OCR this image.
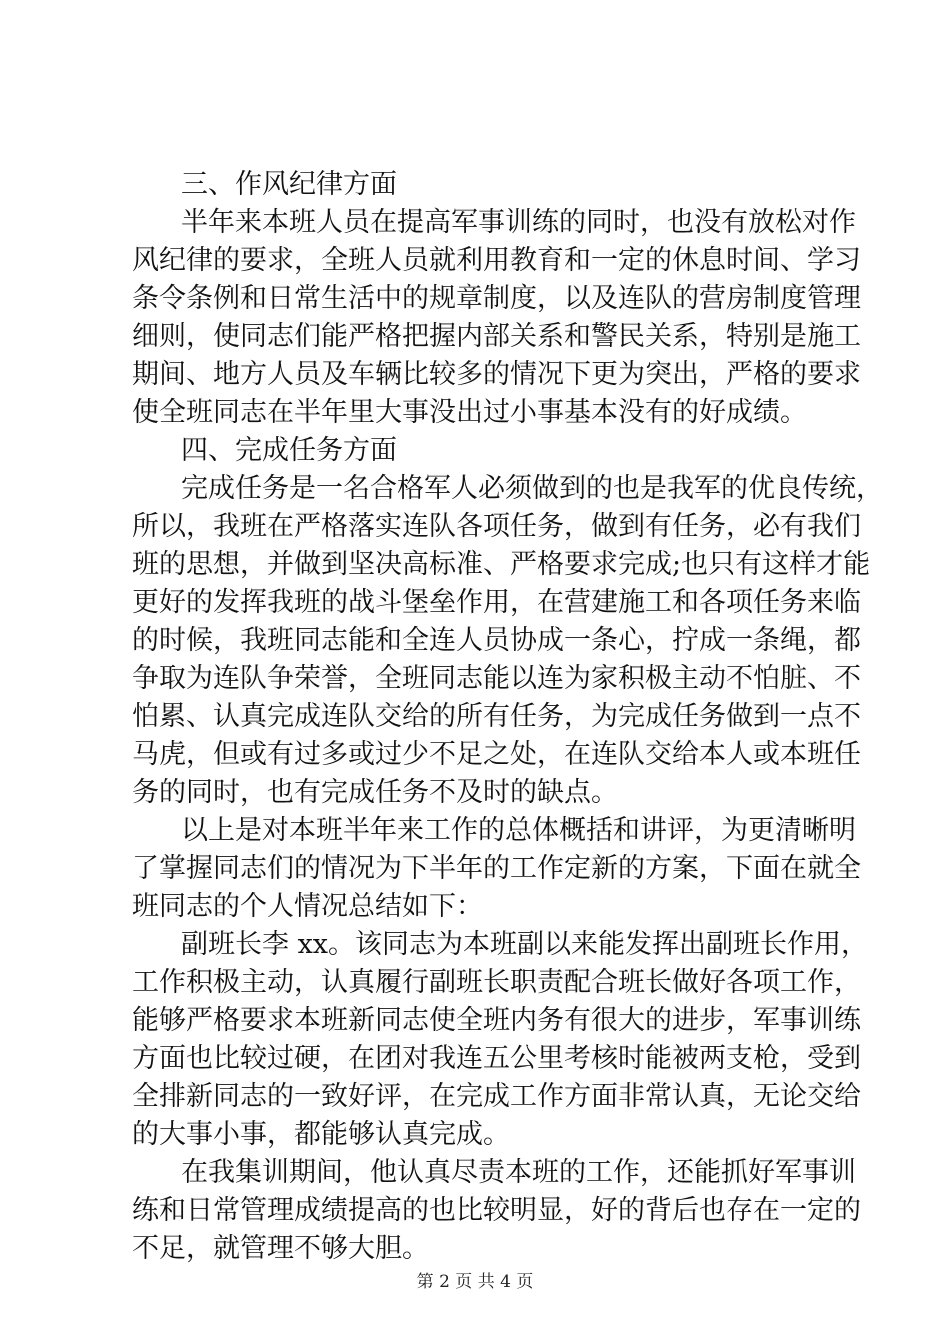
三、作风纪律方面
半年来本班人员在提高军事训练的同时，也没有放松对作
风纪律的要求，全班人员就利用教育和一定的休息时间、学习
条令条例和日常生活中的规章制度，以及连队的营房制度管理
细则，使同志们能严格把握内部关系和警民关系，特别是施工
期间、地方人员及车辆比较多的情况下更为突出，严格的要求
使全班同志在半年里大事没出过小事基本没有的好成绩。
四、完成任务方面
完成任务是一名合格军人必须做到的也是我军的优良传统，
所以，我班在严格落实连队各项任务，做到有任务，必有我们
班的思想，并做到坚决高标准、严格要求完成;也只有这样才能
更好的发挥我班的战斗堡垒作用，在营建施工和各项任务来临
的时候，我班同志能和全连人员协成一条心，拧成一条绳，都
争取为连队争荣誉，全班同志能以连为家积极主动不怕脏、不
怕累、认真完成连队交给的所有任务，为完成任务做到一点不
马虎，但或有过多或过少不足之处，在连队交给本人或本班任
务的同时，也有完成任务不及时的缺点。
以上是对本班半年来工作的总体概括和讲评，为更清晰明
了掌握同志们的情况为下半年的工作定新的方案，下面在就全
班同志的个人情况总结如下：
副班长李 xx。该同志为本班副以来能发挥出副班长作用，
工作积极主动，认真履行副班长职责配合班长做好各项工作，
能够严格要求本班新同志使全班内务有很大的进步，军事训练
方面也比较过硬，在团对我连五公里考核时能被两支枪，受到
全排新同志的一致好评，在完成工作方面非常认真，无论交给
的大事小事，都能够认真完成。
在我集训期间，他认真尽责本班的工作，还能抓好军事训
练和日常管理成绩提高的也比较明显，好的背后也存在一定的
不足，就管理不够大胆。
第 2 页 共 4 页
